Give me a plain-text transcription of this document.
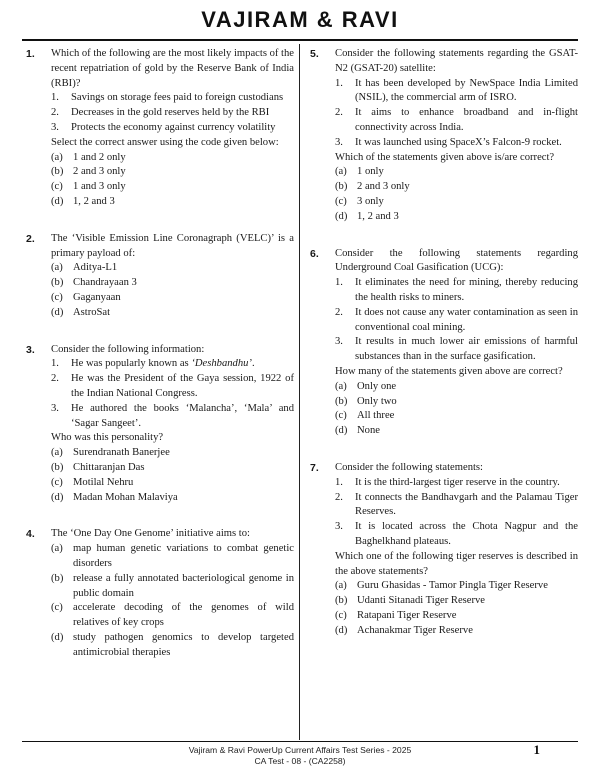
VAJIRAM & RAVI
1. Which of the following are the most likely impacts of the recent repatriation of gold by the Reserve Bank of India (RBI)?
1. Savings on storage fees paid to foreign custodians
2. Decreases in the gold reserves held by the RBI
3. Protects the economy against currency volatility
Select the correct answer using the code given below:
(a) 1 and 2 only
(b) 2 and 3 only
(c) 1 and 3 only
(d) 1, 2 and 3
2. The ‘Visible Emission Line Coronagraph (VELC)’ is a primary payload of:
(a) Aditya-L1
(b) Chandrayaan 3
(c) Gaganyaan
(d) AstroSat
3. Consider the following information:
1. He was popularly known as ‘Deshbandhu’.
2. He was the President of the Gaya session, 1922 of the Indian National Congress.
3. He authored the books ‘Malancha’, ‘Mala’ and ‘Sagar Sangeet’.
Who was this personality?
(a) Surendranath Banerjee
(b) Chittaranjan Das
(c) Motilal Nehru
(d) Madan Mohan Malaviya
4. The ‘One Day One Genome’ initiative aims to:
(a) map human genetic variations to combat genetic disorders
(b) release a fully annotated bacteriological genome in public domain
(c) accelerate decoding of the genomes of wild relatives of key crops
(d) study pathogen genomics to develop targeted antimicrobial therapies
5. Consider the following statements regarding the GSAT-N2 (GSAT-20) satellite:
1. It has been developed by NewSpace India Limited (NSIL), the commercial arm of ISRO.
2. It aims to enhance broadband and in-flight connectivity across India.
3. It was launched using SpaceX’s Falcon-9 rocket.
Which of the statements given above is/are correct?
(a) 1 only
(b) 2 and 3 only
(c) 3 only
(d) 1, 2 and 3
6. Consider the following statements regarding Underground Coal Gasification (UCG):
1. It eliminates the need for mining, thereby reducing the health risks to miners.
2. It does not cause any water contamination as seen in conventional coal mining.
3. It results in much lower air emissions of harmful substances than in the surface gasification.
How many of the statements given above are correct?
(a) Only one
(b) Only two
(c) All three
(d) None
7. Consider the following statements:
1. It is the third-largest tiger reserve in the country.
2. It connects the Bandhavgarh and the Palamau Tiger Reserves.
3. It is located across the Chota Nagpur and the Baghelkhand plateaus.
Which one of the following tiger reserves is described in the above statements?
(a) Guru Ghasidas - Tamor Pingla Tiger Reserve
(b) Udanti Sitanadi Tiger Reserve
(c) Ratapani Tiger Reserve
(d) Achanakmar Tiger Reserve
Vajiram & Ravi PowerUp Current Affairs Test Series - 2025
CA Test - 08 - (CA2258)
1
